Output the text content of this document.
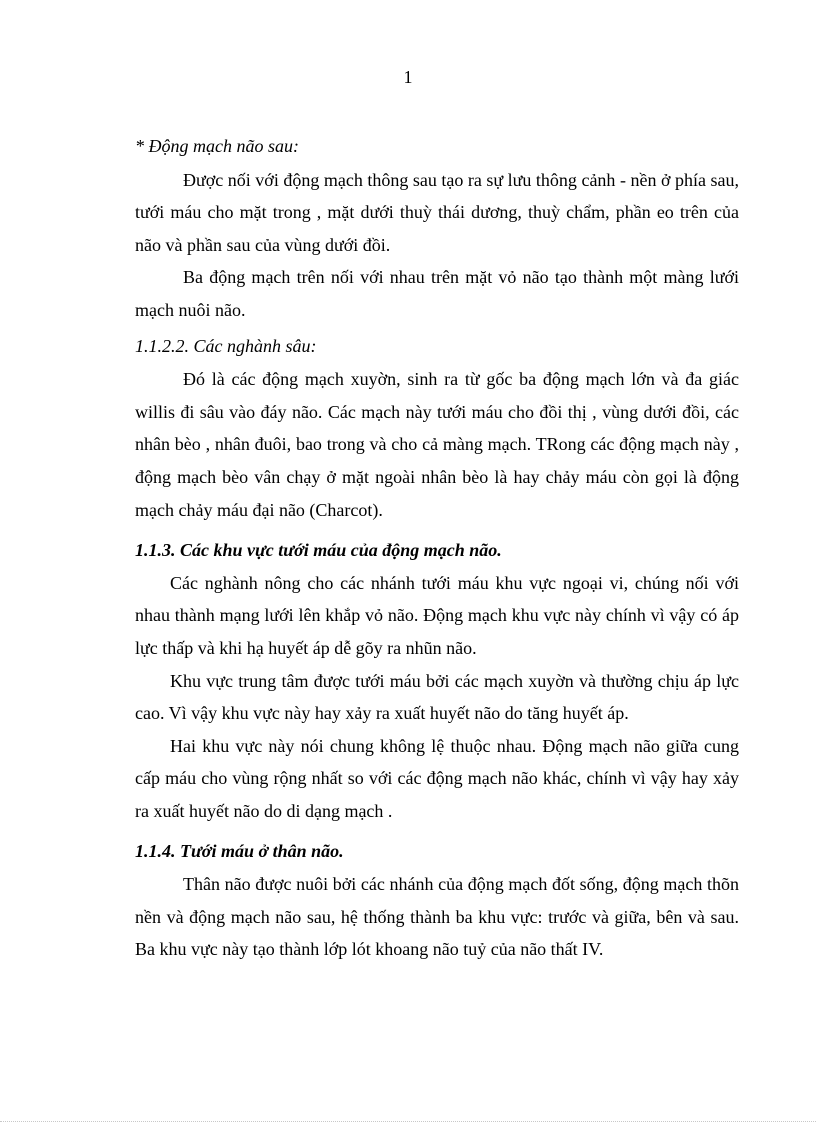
1

* Động mạch não sau:

Được nối với động mạch thông sau tạo ra sự lưu thông cảnh - nền ở phía sau, tưới máu cho mặt trong , mặt dưới thuỳ thái dương, thuỳ chẩm, phần eo trên của não và phần sau của vùng dưới đồi.

Ba động mạch trên nối với nhau trên mặt vỏ não tạo thành một màng lưới mạch nuôi não.

1.1.2.2. Các nghành sâu:

Đó là các động mạch xuyờn, sinh ra từ gốc ba động mạch lớn và đa giác willis đi sâu vào đáy não. Các mạch này tưới máu cho đồi thị , vùng dưới đồi, các nhân bèo , nhân đuôi, bao trong và cho cả màng mạch. TRong các động mạch này , động mạch bèo vân chạy ở mặt ngoài nhân bèo là hay chảy máu còn gọi là động mạch chảy máu đại não (Charcot).

1.1.3. Các khu vực tưới máu của động mạch não.

Các nghành nông cho các nhánh tưới máu khu vực ngoại vi, chúng nối với nhau thành mạng lưới lên khắp vỏ não. Động mạch khu vực này chính vì vậy có áp lực thấp và khi hạ huyết áp dễ gõy ra nhũn não.

Khu vực trung tâm được tưới máu bởi các mạch xuyờn và thường chịu áp lực cao. Vì vậy khu vực này hay xảy ra xuất huyết não do tăng huyết áp.

Hai khu vực này nói chung không lệ thuộc nhau. Động mạch não giữa cung cấp máu cho vùng rộng nhất so với các động mạch não khác, chính vì vậy hay xảy ra xuất huyết não do di dạng mạch .

1.1.4. Tưới máu ở thân não.

Thân não được nuôi bởi các nhánh của động mạch đốt sống, động mạch thõn nền và động mạch não sau, hệ thống thành ba khu vực: trước và giữa, bên và sau. Ba khu vực này tạo thành lớp lót khoang não tuỷ của não thất IV.
